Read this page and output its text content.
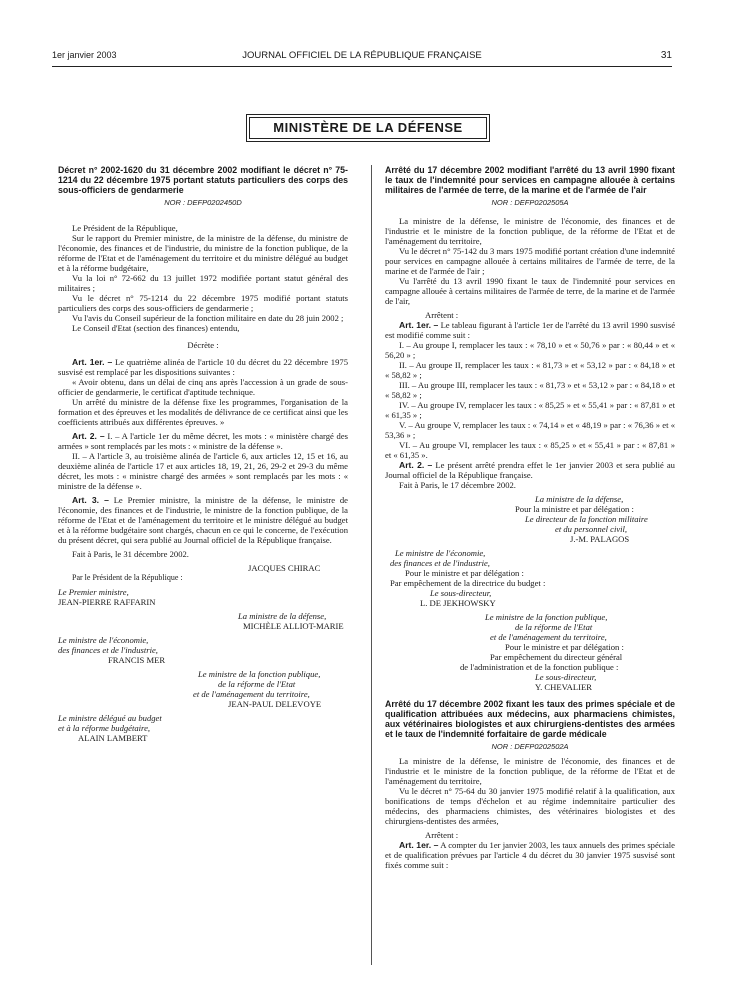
1er janvier 2003	JOURNAL OFFICIEL DE LA RÉPUBLIQUE FRANÇAISE	31
MINISTÈRE DE LA DÉFENSE

Décret n° 2002-1620 du 31 décembre 2002 modifiant le décret n° 75-1214 du 22 décembre 1975 portant statuts particuliers des corps des sous-officiers de gendarmerie

NOR : DEFP0202450D

Le Président de la République,

Sur le rapport du Premier ministre, de la ministre de la défense, du ministre de l'économie, des finances et de l'industrie, du ministre de la fonction publique, de la réforme de l'Etat et de l'aménagement du territoire et du ministre délégué au budget et à la réforme budgétaire,

Vu la loi n° 72-662 du 13 juillet 1972 modifiée portant statut général des militaires ;

Vu le décret n° 75-1214 du 22 décembre 1975 modifié portant statuts particuliers des corps des sous-officiers de gendarmerie ;

Vu l'avis du Conseil supérieur de la fonction militaire en date du 28 juin 2002 ;

Le Conseil d'Etat (section des finances) entendu,

Décrète :

Art. 1er. – Le quatrième alinéa de l'article 10 du décret du 22 décembre 1975 susvisé est remplacé par les dispositions suivantes :

« Avoir obtenu, dans un délai de cinq ans après l'accession à un grade de sous-officier de gendarmerie, le certificat d'aptitude technique.

Un arrêté du ministre de la défense fixe les programmes, l'organisation de la formation et des épreuves et les modalités de délivrance de ce certificat ainsi que les coefficients attribués aux différentes épreuves. »

Art. 2. – I. – A l'article 1er du même décret, les mots : « ministère chargé des armées » sont remplacés par les mots : « ministre de la défense ».

II. – A l'article 3, au troisième alinéa de l'article 6, aux articles 12, 15 et 16, au deuxième alinéa de l'article 17 et aux articles 18, 19, 21, 26, 29-2 et 29-3 du même décret, les mots : « ministre chargé des armées » sont remplacés par les mots : « ministre de la défense ».

Art. 3. – Le Premier ministre, la ministre de la défense, le ministre de l'économie, des finances et de l'industrie, le ministre de la fonction publique, de la réforme de l'Etat et de l'aménagement du territoire et le ministre délégué au budget et à la réforme budgétaire sont chargés, chacun en ce qui le concerne, de l'exécution du présent décret, qui sera publié au Journal officiel de la République française.

Fait à Paris, le 31 décembre 2002.

JACQUES CHIRAC

Par le Président de la République :

Le Premier ministre,

JEAN-PIERRE RAFFARIN

La ministre de la défense,

MICHÈLE ALLIOT-MARIE

Le ministre de l'économie,

des finances et de l'industrie,

FRANCIS MER

Le ministre de la fonction publique,

de la réforme de l'Etat

et de l'aménagement du territoire,

JEAN-PAUL DELEVOYE

Le ministre délégué au budget

et à la réforme budgétaire,

ALAIN LAMBERT

Arrêté du 17 décembre 2002 modifiant l'arrêté du 13 avril 1990 fixant le taux de l'indemnité pour services en campagne allouée à certains militaires de l'armée de terre, de la marine et de l'armée de l'air

NOR : DEFP0202505A

La ministre de la défense, le ministre de l'économie, des finances et de l'industrie et le ministre de la fonction publique, de la réforme de l'Etat et de l'aménagement du territoire,

Vu le décret n° 75-142 du 3 mars 1975 modifié portant création d'une indemnité pour services en campagne allouée à certains militaires de l'armée de terre, de la marine et de l'armée de l'air ;

Vu l'arrêté du 13 avril 1990 fixant le taux de l'indemnité pour services en campagne allouée à certains militaires de l'armée de terre, de la marine et de l'armée de l'air,

Arrêtent :

Art. 1er. – Le tableau figurant à l'article 1er de l'arrêté du 13 avril 1990 susvisé est modifié comme suit :

I. – Au groupe I, remplacer les taux : « 78,10 » et « 50,76 » par : « 80,44 » et « 56,20 » ;

II. – Au groupe II, remplacer les taux : « 81,73 » et « 53,12 » par : « 84,18 » et « 58,82 » ;

III. – Au groupe III, remplacer les taux : « 81,73 » et « 53,12 » par : « 84,18 » et « 58,82 » ;

IV. – Au groupe IV, remplacer les taux : « 85,25 » et « 55,41 » par : « 87,81 » et « 61,35 » ;

V. – Au groupe V, remplacer les taux : « 74,14 » et « 48,19 » par : « 76,36 » et « 53,36 » ;

VI. – Au groupe VI, remplacer les taux : « 85,25 » et « 55,41 » par : « 87,81 » et « 61,35 ».

Art. 2. – Le présent arrêté prendra effet le 1er janvier 2003 et sera publié au Journal officiel de la République française.

Fait à Paris, le 17 décembre 2002.

La ministre de la défense,

Pour la ministre et par délégation :

Le directeur de la fonction militaire

et du personnel civil,

J.-M. PALAGOS

Le ministre de l'économie,

des finances et de l'industrie,

Pour le ministre et par délégation :

Par empêchement de la directrice du budget :

Le sous-directeur,

L. DE JEKHOWSKY

Le ministre de la fonction publique,

de la réforme de l'Etat

et de l'aménagement du territoire,

Pour le ministre et par délégation :

Par empêchement du directeur général

de l'administration et de la fonction publique :

Le sous-directeur,

Y. CHEVALIER

Arrêté du 17 décembre 2002 fixant les taux des primes spéciale et de qualification attribuées aux médecins, aux pharmaciens chimistes, aux vétérinaires biologistes et aux chirurgiens-dentistes des armées et le taux de l'indemnité forfaitaire de garde médicale

NOR : DEFP0202502A

La ministre de la défense, le ministre de l'économie, des finances et de l'industrie et le ministre de la fonction publique, de la réforme de l'Etat et de l'aménagement du territoire,

Vu le décret n° 75-64 du 30 janvier 1975 modifié relatif à la qualification, aux bonifications de temps d'échelon et au régime indemnitaire particulier des médecins, des pharmaciens chimistes, des vétérinaires biologistes et des chirurgiens-dentistes des armées,

Arrêtent :

Art. 1er. – A compter du 1er janvier 2003, les taux annuels des primes spéciale et de qualification prévues par l'article 4 du décret du 30 janvier 1975 susvisé sont fixés comme suit :
